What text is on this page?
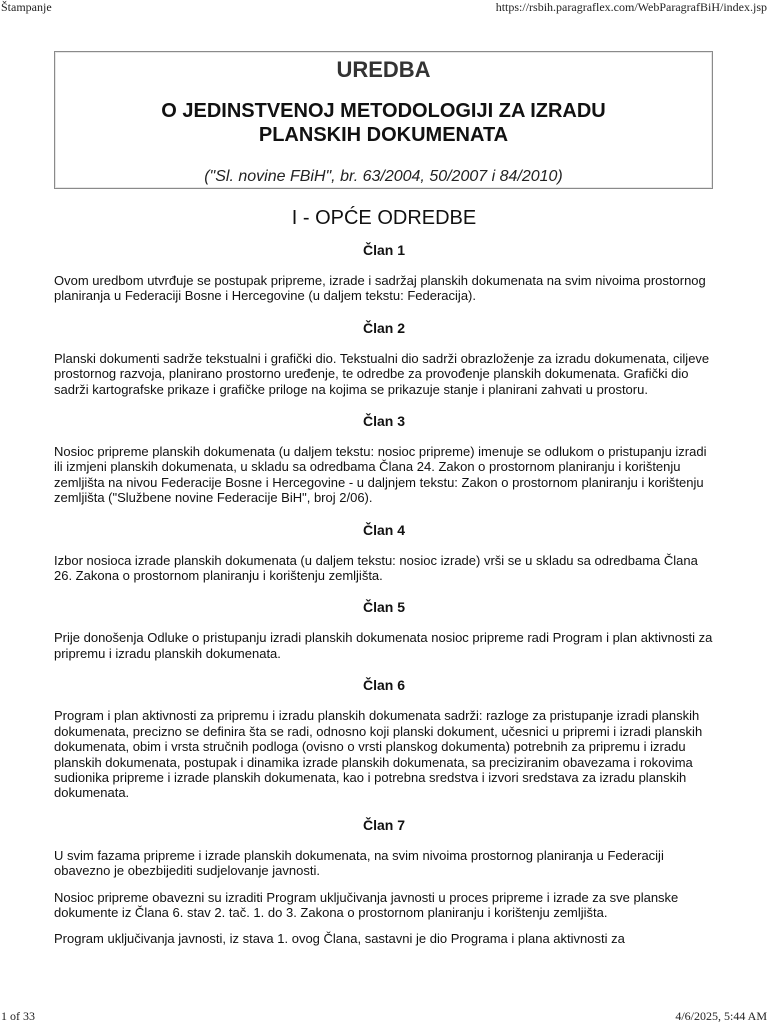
Štampanje	https://rsbih.paragraflex.com/WebParagrafBiH/index.jsp
UREDBA
O JEDINSTVENOJ METODOLOGIJI ZA IZRADU
PLANSKIH DOKUMENATA
("Sl. novine FBiH", br. 63/2004, 50/2007 i 84/2010)
I - OPĆE ODREDBE
Član 1

Ovom uredbom utvrđuje se postupak pripreme, izrade i sadržaj planskih dokumenata na svim nivoima prostornog planiranja u Federaciji Bosne i Hercegovine (u daljem tekstu: Federacija).

Član 2

Planski dokumenti sadrže tekstualni i grafički dio. Tekstualni dio sadrži obrazloženje za izradu dokumenata, ciljeve prostornog razvoja, planirano prostorno uređenje, te odredbe za provođenje planskih dokumenata. Grafički dio sadrži kartografske prikaze i grafičke priloge na kojima se prikazuje stanje i planirani zahvati u prostoru.

Član 3

Nosioc pripreme planskih dokumenata (u daljem tekstu: nosioc pripreme) imenuje se odlukom o pristupanju izradi ili izmjeni planskih dokumenata, u skladu sa odredbama Člana 24. Zakon o prostornom planiranju i korištenju zemljišta na nivou Federacije Bosne i Hercegovine - u daljnjem tekstu: Zakon o prostornom planiranju i korištenju zemljišta ("Službene novine Federacije BiH", broj 2/06).

Član 4

Izbor nosioca izrade planskih dokumenata (u daljem tekstu: nosioc izrade) vrši se u skladu sa odredbama Člana 26. Zakona o prostornom planiranju i korištenju zemljišta.

Član 5

Prije donošenja Odluke o pristupanju izradi planskih dokumenata nosioc pripreme radi Program i plan aktivnosti za pripremu i izradu planskih dokumenata.

Član 6

Program i plan aktivnosti za pripremu i izradu planskih dokumenata sadrži: razloge za pristupanje izradi planskih dokumenata, precizno se definira šta se radi, odnosno koji planski dokument, učesnici u pripremi i izradi planskih dokumenata, obim i vrsta stručnih podloga (ovisno o vrsti planskog dokumenta) potrebnih za pripremu i izradu planskih dokumenata, postupak i dinamika izrade planskih dokumenata, sa preciziranim obavezama i rokovima sudionika pripreme i izrade planskih dokumenata, kao i potrebna sredstva i izvori sredstava za izradu planskih dokumenata.

Član 7

U svim fazama pripreme i izrade planskih dokumenata, na svim nivoima prostornog planiranja u Federaciji obavezno je obezbijediti sudjelovanje javnosti.

Nosioc pripreme obavezni su izraditi Program uključivanja javnosti u proces pripreme i izrade za sve planske dokumente iz Člana 6. stav 2. tač. 1. do 3. Zakona o prostornom planiranju i korištenju zemljišta.

Program uključivanja javnosti, iz stava 1. ovog Člana, sastavni je dio Programa i plana aktivnosti za

1 of 33	4/6/2025, 5:44 AM
